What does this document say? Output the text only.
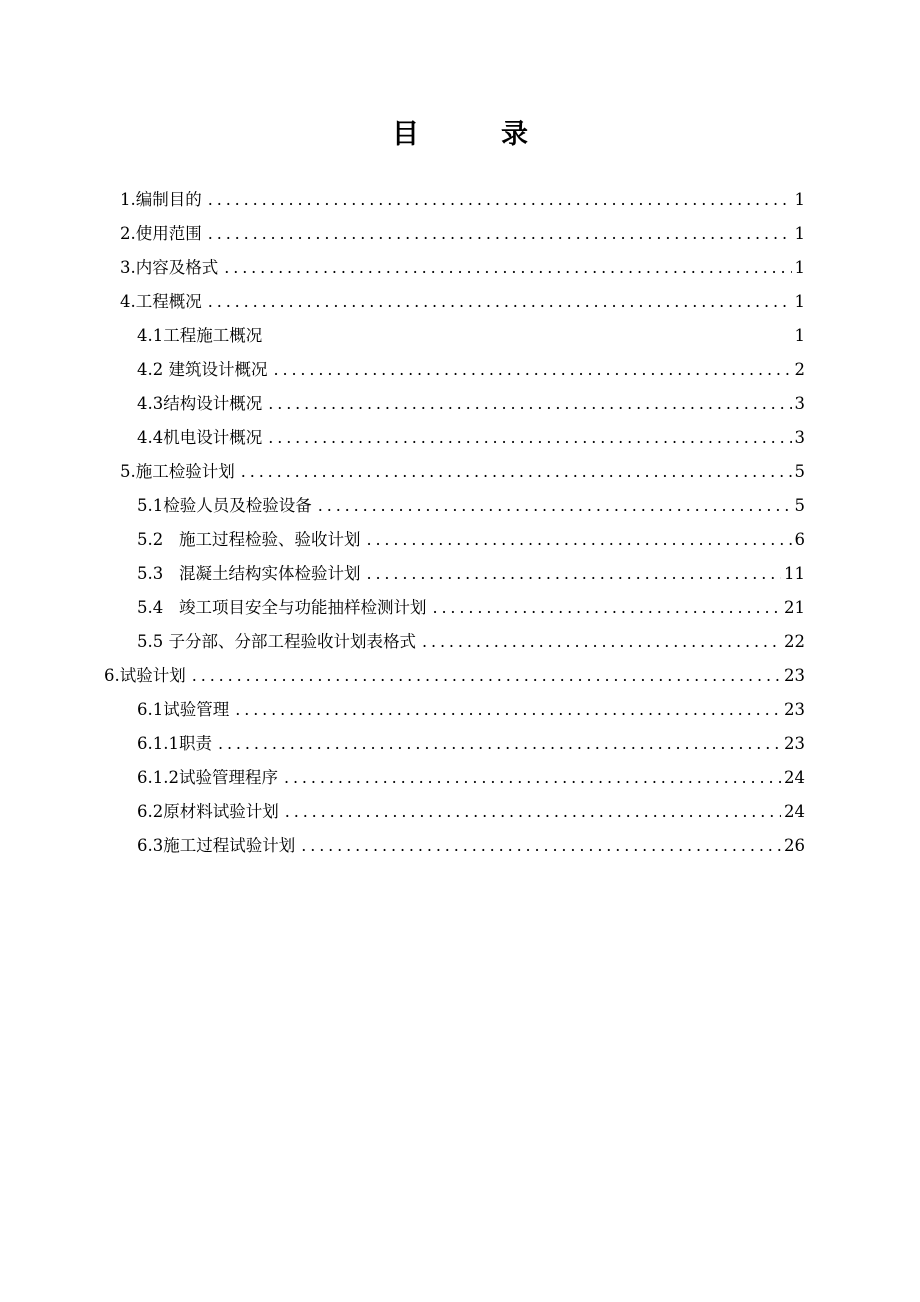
目	录
1.编制目的 . . .	1
2.使用范围 . . .	1
3.内容及格式 . . .	1
4.工程概况 . . .	1
4.1工程施工概况	1
4.2 建筑设计概况 . . .	2
4.3结构设计概况 . . .	3
4.4机电设计概况 . . .	3
5.施工检验计划 . . .	5
5.1检验人员及检验设备 . . .	5
5.2   施工过程检验、验收计划 . . .	6
5.3   混凝土结构实体检验计划 . . .	11
5.4   竣工项目安全与功能抽样检测计划 . . .	21
5.5 子分部、分部工程验收计划表格式 . . .	22
6.试验计划 . . .	23
6.1试验管理 . . .	23
6.1.1职责 . . .	23
6.1.2试验管理程序 . . .	24
6.2原材料试验计划 . . .	24
6.3施工过程试验计划 . . .	26
